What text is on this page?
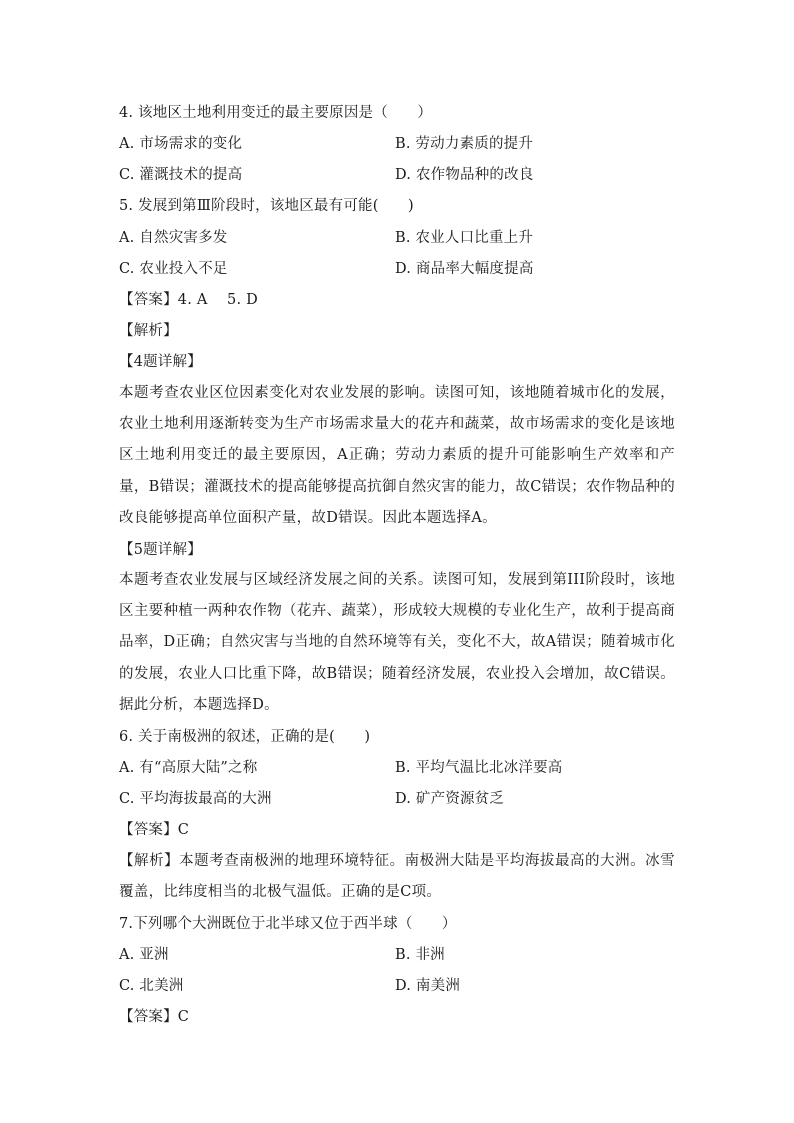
4. 该地区土地利用变迁的最主要原因是（　　）
A. 市场需求的变化	B. 劳动力素质的提升
C. 灌溉技术的提高	D. 农作物品种的改良
5. 发展到第Ⅲ阶段时，该地区最有可能(　　)
A. 自然灾害多发	B. 农业人口比重上升
C. 农业投入不足	D. 商品率大幅度提高
【答案】4. A　 5. D
【解析】
【4题详解】
本题考查农业区位因素变化对农业发展的影响。读图可知，该地随着城市化的发展，农业土地利用逐渐转变为生产市场需求量大的花卉和蔬菜，故市场需求的变化是该地区土地利用变迁的最主要原因，A正确；劳动力素质的提升可能影响生产效率和产量，B错误；灌溉技术的提高能够提高抗御自然灾害的能力，故C错误；农作物品种的改良能够提高单位面积产量，故D错误。因此本题选择A。
【5题详解】
本题考查农业发展与区域经济发展之间的关系。读图可知，发展到第III阶段时，该地区主要种植一两种农作物（花卉、蔬菜），形成较大规模的专业化生产，故利于提高商品率，D正确；自然灾害与当地的自然环境等有关，变化不大，故A错误；随着城市化的发展，农业人口比重下降，故B错误；随着经济发展，农业投入会增加，故C错误。据此分析，本题选择D。
6. 关于南极洲的叙述，正确的是(　　)
A. 有“高原大陆”之称	B. 平均气温比北冰洋要高
C. 平均海拔最高的大洲	D. 矿产资源贫乏
【答案】C
【解析】本题考查南极洲的地理环境特征。南极洲大陆是平均海拔最高的大洲。冰雪覆盖，比纬度相当的北极气温低。正确的是C项。
7.下列哪个大洲既位于北半球又位于西半球（　　）
A. 亚洲	B. 非洲
C. 北美洲	D. 南美洲
【答案】C
